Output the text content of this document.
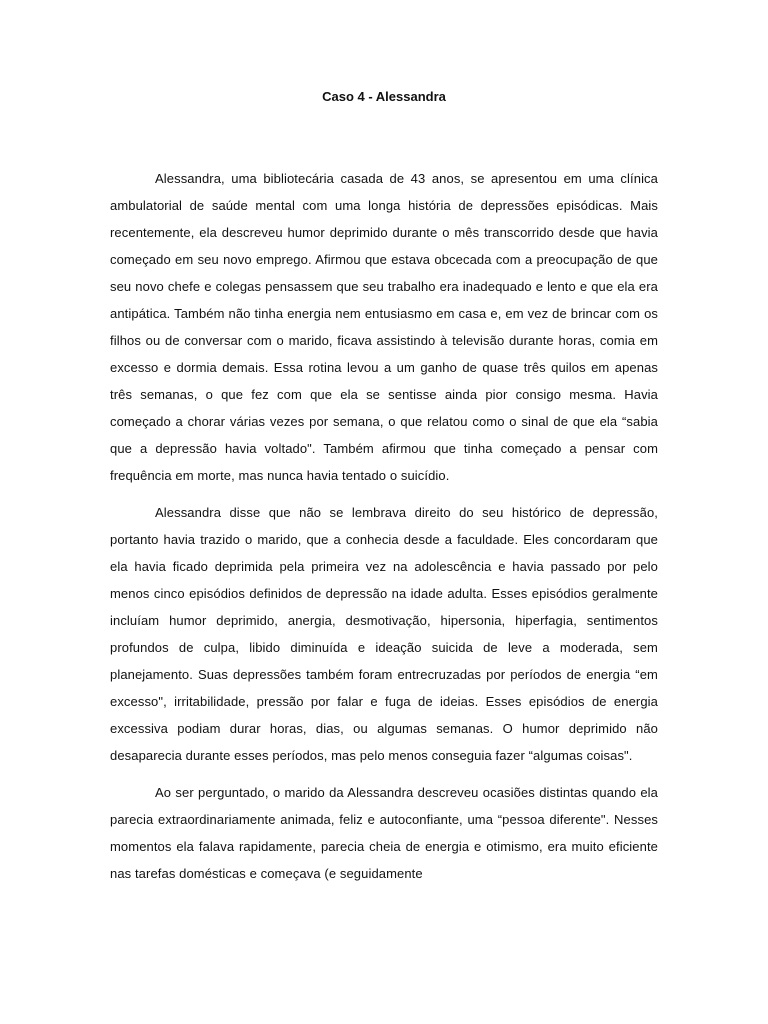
Caso 4 - Alessandra

Alessandra, uma bibliotecária casada de 43 anos, se apresentou em uma clínica ambulatorial de saúde mental com uma longa história de depressões episódicas. Mais recentemente, ela descreveu humor deprimido durante o mês transcorrido desde que havia começado em seu novo emprego. Afirmou que estava obcecada com a preocupação de que seu novo chefe e colegas pensassem que seu trabalho era inadequado e lento e que ela era antipática. Também não tinha energia nem entusiasmo em casa e, em vez de brincar com os filhos ou de conversar com o marido, ficava assistindo à televisão durante horas, comia em excesso e dormia demais. Essa rotina levou a um ganho de quase três quilos em apenas três semanas, o que fez com que ela se sentisse ainda pior consigo mesma. Havia começado a chorar várias vezes por semana, o que relatou como o sinal de que ela “sabia que a depressão havia voltado". Também afirmou que tinha começado a pensar com frequência em morte, mas nunca havia tentado o suicídio.

Alessandra disse que não se lembrava direito do seu histórico de depressão, portanto havia trazido o marido, que a conhecia desde a faculdade. Eles concordaram que ela havia ficado deprimida pela primeira vez na adolescência e havia passado por pelo menos cinco episódios definidos de depressão na idade adulta. Esses episódios geralmente incluíam humor deprimido, anergia, desmotivação, hipersonia, hiperfagia, sentimentos profundos de culpa, libido diminuída e ideação suicida de leve a moderada, sem planejamento. Suas depressões também foram entrecruzadas por períodos de energia “em excesso", irritabilidade, pressão por falar e fuga de ideias. Esses episódios de energia excessiva podiam durar horas, dias, ou algumas semanas. O humor deprimido não desaparecia durante esses períodos, mas pelo menos conseguia fazer “algumas coisas".

Ao ser perguntado, o marido da Alessandra descreveu ocasiões distintas quando ela parecia extraordinariamente animada, feliz e autoconfiante, uma “pessoa diferente". Nesses momentos ela falava rapidamente, parecia cheia de energia e otimismo, era muito eficiente nas tarefas domésticas e começava (e seguidamente
